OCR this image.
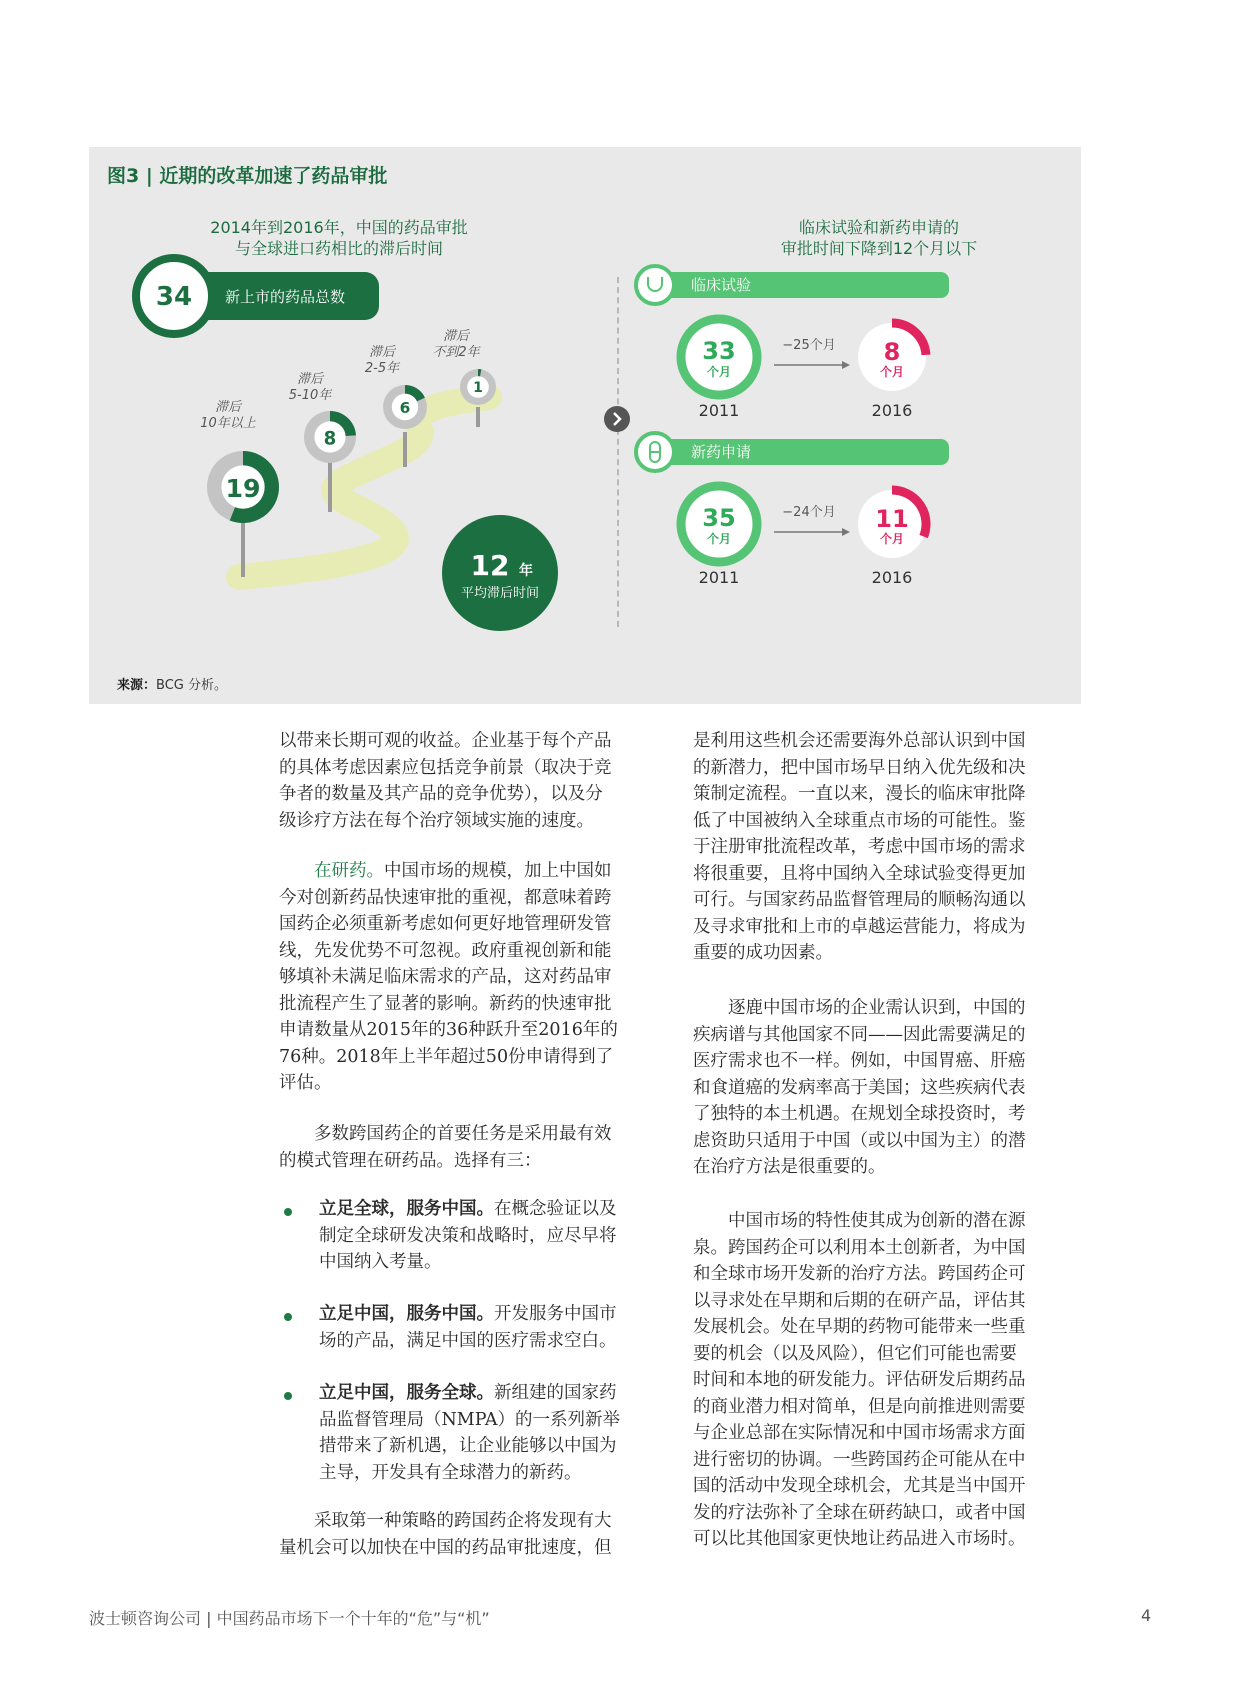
图3 | 近期的改革加速了药品审批
2014年到2016年，中国的药品审批
与全球进口药相比的滞后时间
临床试验和新药申请的
审批时间下降到12个月以下
19
8
6
1
34 新上市的药品总数
12 年
平均滞后时间
滞后
10年以上
滞后
5-10年
滞后
2-5年
滞后
不到2年
临床试验
33
个月
−25个月 8
个月
2011	2016
新药申请
35
个月
−24个月 11
个月
2011	2016
来源：BCG 分析。
以带来长期可观的收益。企业基于每个产品
的具体考虑因素应包括竞争前景（取决于竞
争者的数量及其产品的竞争优势），以及分
级诊疗方法在每个治疗领域实施的速度。
在研药。中国市场的规模，加上中国如
今对创新药品快速审批的重视，都意味着跨
国药企必须重新考虑如何更好地管理研发管
线，先发优势不可忽视。政府重视创新和能
够填补未满足临床需求的产品，这对药品审
批流程产生了显著的影响。新药的快速审批
申请数量从2015年的36种跃升至2016年的
76种。2018年上半年超过50份申请得到了
评估。
多数跨国药企的首要任务是采用最有效
的模式管理在研药品。选择有三：
立足全球，服务中国。在概念验证以及
制定全球研发决策和战略时，应尽早将
中国纳入考量。
立足中国，服务中国。开发服务中国市
场的产品，满足中国的医疗需求空白。
立足中国，服务全球。新组建的国家药
品监督管理局（NMPA）的一系列新举
措带来了新机遇，让企业能够以中国为
主导，开发具有全球潜力的新药。
采取第一种策略的跨国药企将发现有大
量机会可以加快在中国的药品审批速度，但
是利用这些机会还需要海外总部认识到中国
的新潜力，把中国市场早日纳入优先级和决
策制定流程。一直以来，漫长的临床审批降
低了中国被纳入全球重点市场的可能性。鉴
于注册审批流程改革，考虑中国市场的需求
将很重要，且将中国纳入全球试验变得更加
可行。与国家药品监督管理局的顺畅沟通以
及寻求审批和上市的卓越运营能力，将成为
重要的成功因素。
逐鹿中国市场的企业需认识到，中国的
疾病谱与其他国家不同——因此需要满足的
医疗需求也不一样。例如，中国胃癌、肝癌
和食道癌的发病率高于美国；这些疾病代表
了独特的本土机遇。在规划全球投资时，考
虑资助只适用于中国（或以中国为主）的潜
在治疗方法是很重要的。
中国市场的特性使其成为创新的潜在源
泉。跨国药企可以利用本土创新者，为中国
和全球市场开发新的治疗方法。跨国药企可
以寻求处在早期和后期的在研产品，评估其
发展机会。处在早期的药物可能带来一些重
要的机会（以及风险），但它们可能也需要
时间和本地的研发能力。评估研发后期药品
的商业潜力相对简单，但是向前推进则需要
与企业总部在实际情况和中国市场需求方面
进行密切的协调。一些跨国药企可能从在中
国的活动中发现全球机会，尤其是当中国开
发的疗法弥补了全球在研药缺口，或者中国
可以比其他国家更快地让药品进入市场时。
波士顿咨询公司 | 中国药品市场下一个十年的“危”与“机”	4
